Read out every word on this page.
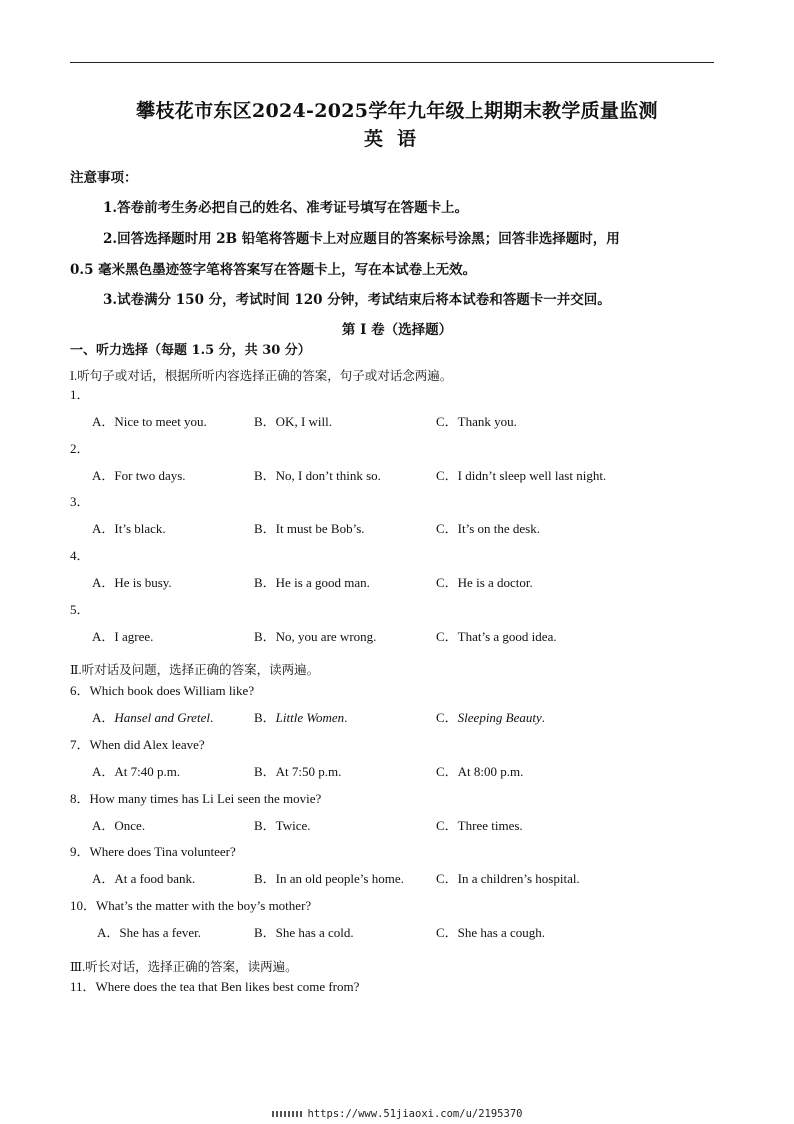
攀枝花市东区2024-2025学年九年级上期期末教学质量监测
英语
注意事项：
1.答卷前考生务必把自己的姓名、准考证号填写在答题卡上。
2.回答选择题时用 2B 铅笔将答题卡上对应题目的答案标号涂黑；回答非选择题时，用
0.5 毫米黑色墨迹签字笔将答案写在答题卡上，写在本试卷上无效。
3.试卷满分 150 分，考试时间 120 分钟，考试结束后将本试卷和答题卡一并交回。
第 I 卷（选择题）
一、听力选择（每题 1.5 分，共 30 分）
I.听句子或对话，根据所听内容选择正确的答案，句子或对话念两遍。
1．
A．Nice to meet you.	B．OK, I will.	C．Thank you.
2．
A．For two days.	B．No, I don’t think so.	C．I didn’t sleep well last night.
3．
A．It’s black.	B．It must be Bob’s.	C．It’s on the desk.
4．
A．He is busy.	B．He is a good man.	C．He is a doctor.
5．
A．I agree.	B．No, you are wrong.	C．That’s a good idea.
Ⅱ.听对话及问题，选择正确的答案，读两遍。
6．Which book does William like?
A．Hansel and Gretel.	B．Little Women.	C．Sleeping Beauty.
7．When did Alex leave?
A．At 7:40 p.m.	B．At 7:50 p.m.	C．At 8:00 p.m.
8．How many times has Li Lei seen the movie?
A．Once.	B．Twice.	C．Three times.
9．Where does Tina volunteer?
A．At a food bank.	B．In an old people’s home. C．In a children’s hospital.
10．What’s the matter with the boy’s mother?
A．She has a fever.	B．She has a cold.	C．She has a cough.
Ⅲ.听长对话，选择正确的答案，读两遍。
11．Where does the tea that Ben likes best come from?
https://www.51jiaoxi.com/u/2195370
